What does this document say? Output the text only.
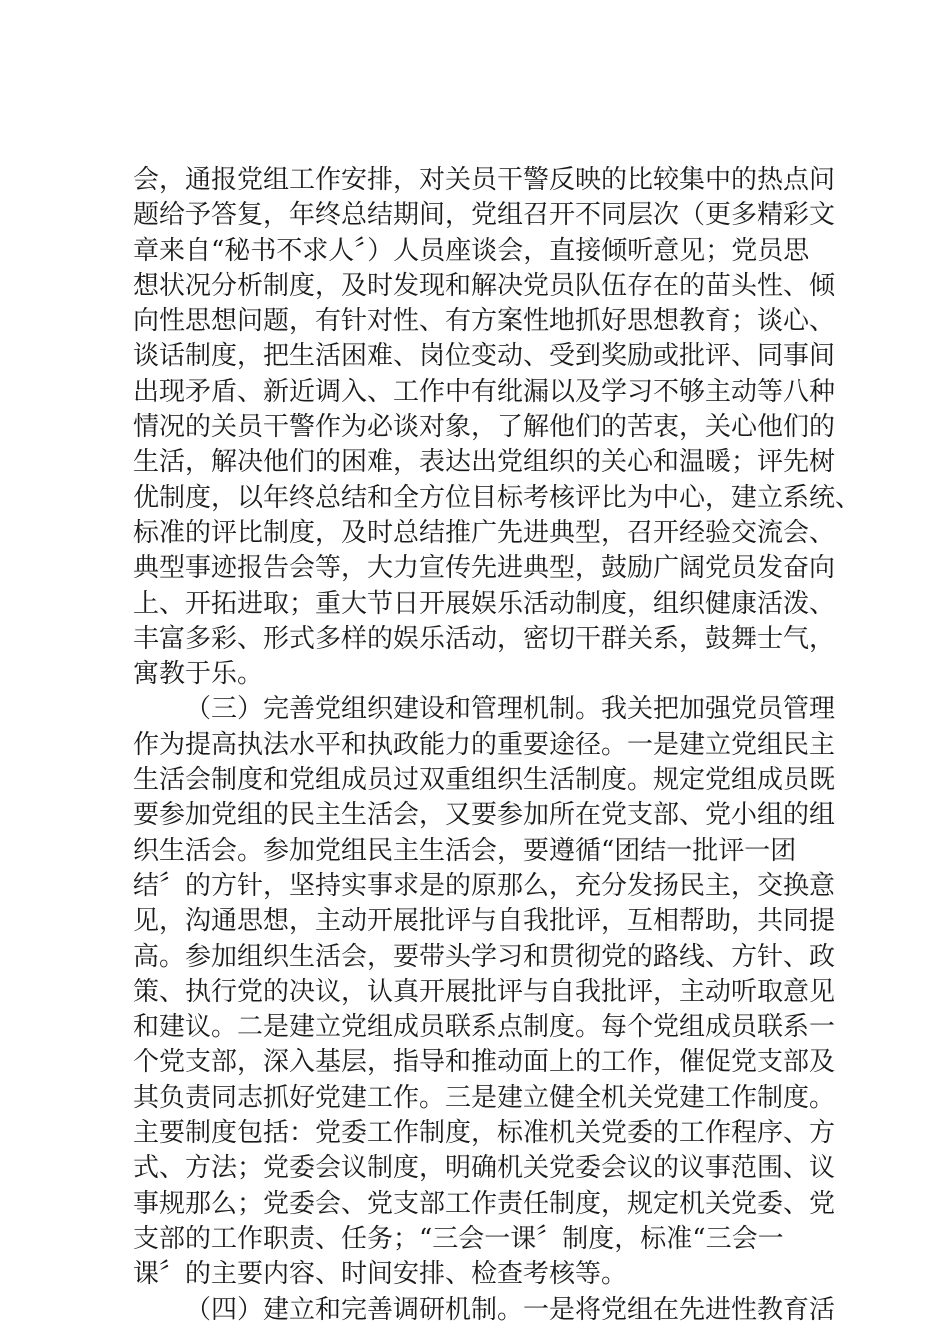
会，通报党组工作安排，对关员干警反映的比较集中的热点问
题给予答复，年终总结期间，党组召开不同层次（更多精彩文
章来自“秘书不求人〞）人员座谈会，直接倾听意见；党员思
想状况分析制度，及时发现和解决党员队伍存在的苗头性、倾
向性思想问题，有针对性、有方案性地抓好思想教育；谈心、
谈话制度，把生活困难、岗位变动、受到奖励或批评、同事间
出现矛盾、新近调入、工作中有纰漏以及学习不够主动等八种
情况的关员干警作为必谈对象，了解他们的苦衷，关心他们的
生活，解决他们的困难，表达出党组织的关心和温暖；评先树
优制度，以年终总结和全方位目标考核评比为中心，建立系统、
标准的评比制度，及时总结推广先进典型，召开经验交流会、
典型事迹报告会等，大力宣传先进典型，鼓励广阔党员发奋向
上、开拓进取；重大节日开展娱乐活动制度，组织健康活泼、
丰富多彩、形式多样的娱乐活动，密切干群关系，鼓舞士气，
寓教于乐。
（三）完善党组织建设和管理机制。我关把加强党员管理
作为提高执法水平和执政能力的重要途径。一是建立党组民主
生活会制度和党组成员过双重组织生活制度。规定党组成员既
要参加党组的民主生活会，又要参加所在党支部、党小组的组
织生活会。参加党组民主生活会，要遵循“团结一批评一团
结〞的方针，坚持实事求是的原那么，充分发扬民主，交换意
见，沟通思想，主动开展批评与自我批评，互相帮助，共同提
高。参加组织生活会，要带头学习和贯彻党的路线、方针、政
策、执行党的决议，认真开展批评与自我批评，主动听取意见
和建议。二是建立党组成员联系点制度。每个党组成员联系一
个党支部，深入基层，指导和推动面上的工作，催促党支部及
其负责同志抓好党建工作。三是建立健全机关党建工作制度。
主要制度包括：党委工作制度，标准机关党委的工作程序、方
式、方法；党委会议制度，明确机关党委会议的议事范围、议
事规那么；党委会、党支部工作责任制度，规定机关党委、党
支部的工作职责、任务；“三会一课〞制度，标准“三会一
课〞的主要内容、时间安排、检查考核等。
（四）建立和完善调研机制。一是将党组在先进性教育活
